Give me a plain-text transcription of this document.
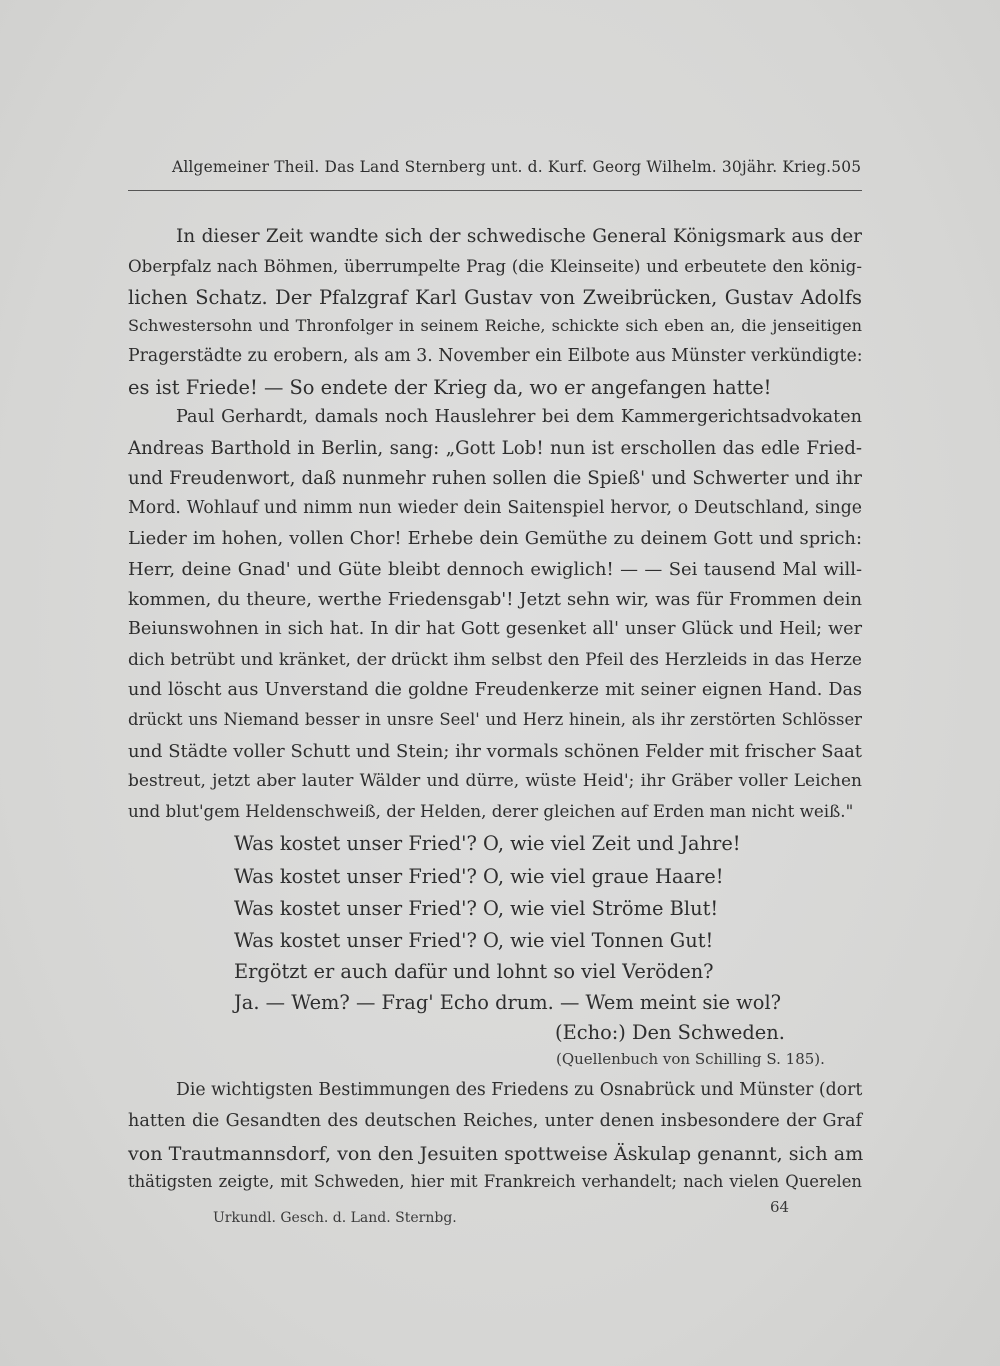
Allgemeiner Theil. Das Land Sternberg unt. d. Kurf. Georg Wilhelm. 30jähr. Krieg. 505
In dieser Zeit wandte sich der schwedische General Königsmark aus der
Oberpfalz nach Böhmen, überrumpelte Prag (die Kleinseite) und erbeutete den könig-
lichen Schatz. Der Pfalzgraf Karl Gustav von Zweibrücken, Gustav Adolfs
Schwestersohn und Thronfolger in seinem Reiche, schickte sich eben an, die jenseitigen
Pragerstädte zu erobern, als am 3. November ein Eilbote aus Münster verkündigte:
es ist Friede! — So endete der Krieg da, wo er angefangen hatte!
Paul Gerhardt, damals noch Hauslehrer bei dem Kammergerichtsadvokaten
Andreas Barthold in Berlin, sang: „Gott Lob! nun ist erschollen das edle Fried-
und Freudenwort, daß nunmehr ruhen sollen die Spieß' und Schwerter und ihr
Mord. Wohlauf und nimm nun wieder dein Saitenspiel hervor, o Deutschland, singe
Lieder im hohen, vollen Chor! Erhebe dein Gemüthe zu deinem Gott und sprich:
Herr, deine Gnad' und Güte bleibt dennoch ewiglich! — — Sei tausend Mal will-
kommen, du theure, werthe Friedensgab'! Jetzt sehn wir, was für Frommen dein
Beiunswohnen in sich hat. In dir hat Gott gesenket all' unser Glück und Heil; wer
dich betrübt und kränket, der drückt ihm selbst den Pfeil des Herzleids in das Herze
und löscht aus Unverstand die goldne Freudenkerze mit seiner eignen Hand. Das
drückt uns Niemand besser in unsre Seel' und Herz hinein, als ihr zerstörten Schlösser
und Städte voller Schutt und Stein; ihr vormals schönen Felder mit frischer Saat
bestreut, jetzt aber lauter Wälder und dürre, wüste Heid'; ihr Gräber voller Leichen
und blut'gem Heldenschweiß, der Helden, derer gleichen auf Erden man nicht weiß."
Was kostet unser Fried'? O, wie viel Zeit und Jahre!
Was kostet unser Fried'? O, wie viel graue Haare!
Was kostet unser Fried'? O, wie viel Ströme Blut!
Was kostet unser Fried'? O, wie viel Tonnen Gut!
Ergötzt er auch dafür und lohnt so viel Veröden?
Ja. — Wem? — Frag' Echo drum. — Wem meint sie wol?
(Echo:) Den Schweden.
(Quellenbuch von Schilling S. 185).
Die wichtigsten Bestimmungen des Friedens zu Osnabrück und Münster (dort
hatten die Gesandten des deutschen Reiches, unter denen insbesondere der Graf
von Trautmannsdorf, von den Jesuiten spottweise Äskulap genannt, sich am
thätigsten zeigte, mit Schweden, hier mit Frankreich verhandelt; nach vielen Querelen
Urkundl. Gesch. d. Land. Sternbg.
64
